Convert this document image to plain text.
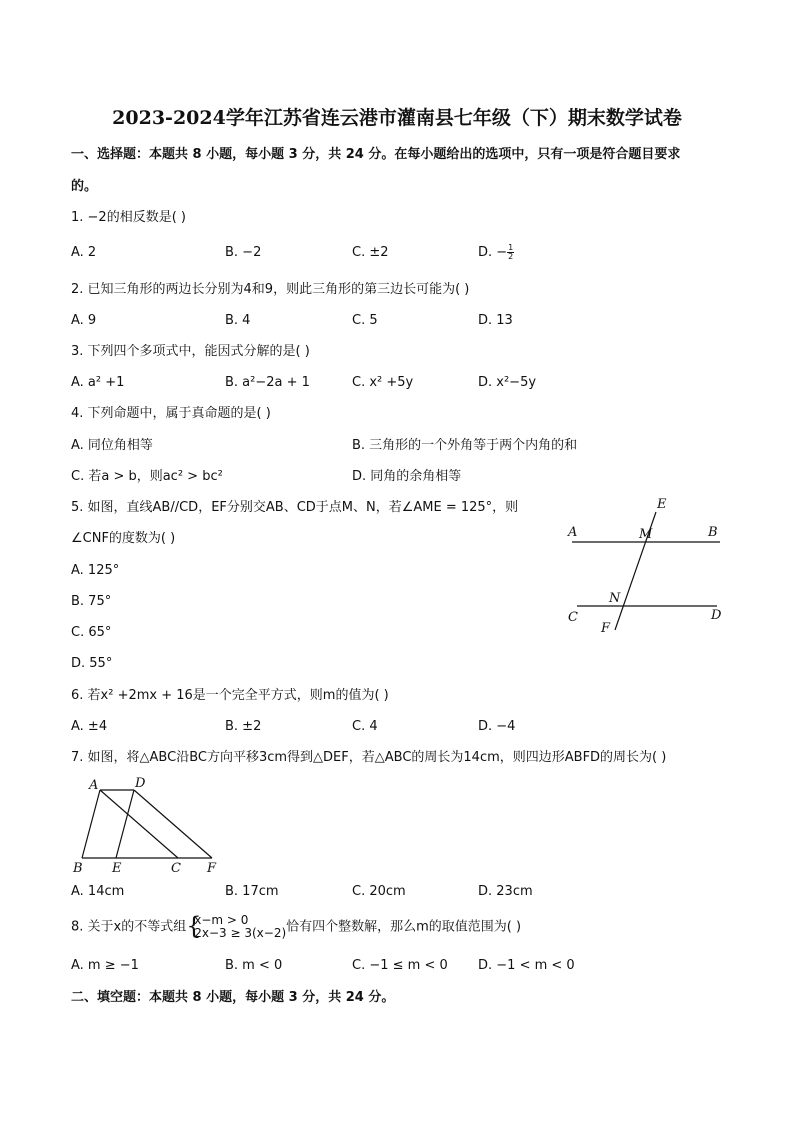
2023-2024学年江苏省连云港市灌南县七年级（下）期末数学试卷
一、选择题：本题共 8 小题，每小题 3 分，共 24 分。在每小题给出的选项中，只有一项是符合题目要求
的。
1. −2的相反数是( )
A. 2	B. −2	C. ±2	D. − $\frac{1}{2}$
2. 已知三角形的两边长分别为4和9，则此三角形的第三边长可能为( )
A. 9	B. 4	C. 5	D. 13
3. 下列四个多项式中，能因式分解的是( )
A. a² +1	B. a²−2a + 1	C. x² +5y	D. x²−5y
4. 下列命题中，属于真命题的是( )
A. 同位角相等	B. 三角形的一个外角等于两个内角的和
C. 若a > b，则ac² > bc²	D. 同角的余角相等
5. 如图，直线AB//CD，EF分别交AB、CD于点M、N，若∠AME = 125°，则
∠CNF的度数为( )
A. 125°
B. 75°
C. 65°
D. 55°
E
A	M	B
N
C	D
F
6. 若x² +2mx + 16是一个完全平方式，则m的值为( )
A. ±4	B. ±2	C. 4	D. −4
7. 如图，将△ABC沿BC方向平移3cm得到△DEF，若△ABC的周长为14cm，则四边形ABFD的周长为( )
A	D
B E	C F
A. 14cm	B. 17cm	C. 20cm	D. 23cm
8. 关于x的不等式组 {
x−m > 0
2x−3 ≥ 3(x−2) 恰有四个整数解，那么m的取值范围为( )
A. m ≥ −1	B. m < 0	C. −1 ≤ m < 0 D. −1 < m < 0
二、填空题：本题共 8 小题，每小题 3 分，共 24 分。
